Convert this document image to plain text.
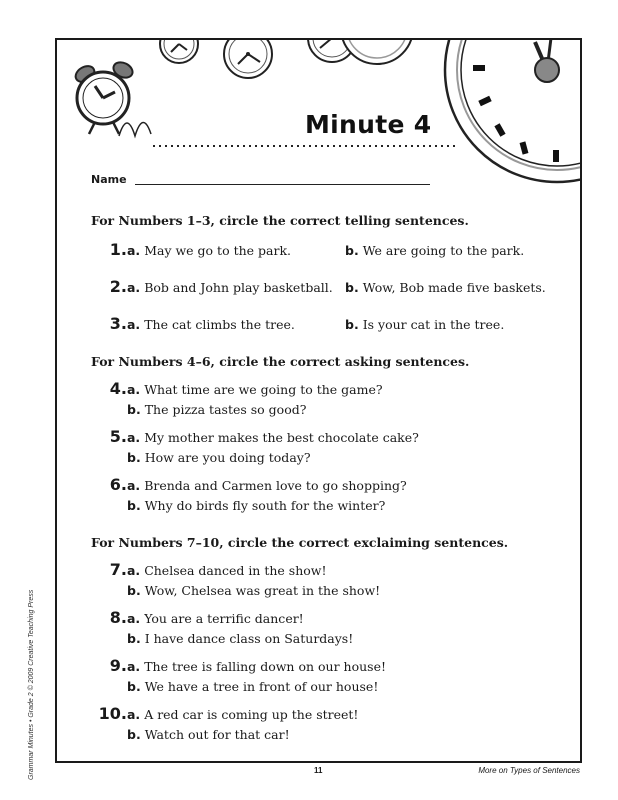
Grammar Minutes • Grade 2 © 2009 Creative Teaching Press
Minute 4
Name
For Numbers 1–3, circle the correct telling sentences.
1. a. May we go to the park.	b. We are going to the park.
2. a. Bob and John play basketball. b. Wow, Bob made five baskets.
3. a. The cat climbs the tree.	b. Is your cat in the tree.
For Numbers 4–6, circle the correct asking sentences.
4. a. What time are we going to the game?
b. The pizza tastes so good?
5. a. My mother makes the best chocolate cake?
b. How are you doing today?
6. a. Brenda and Carmen love to go shopping?
b. Why do birds fly south for the winter?
For Numbers 7–10, circle the correct exclaiming sentences.
7. a. Chelsea danced in the show!
b. Wow, Chelsea was great in the show!
8. a. You are a terrific dancer!
b. I have dance class on Saturdays!
9. a. The tree is falling down on our house!
b. We have a tree in front of our house!
10. a. A red car is coming up the street!
b. Watch out for that car!
11	More on Types of Sentences
